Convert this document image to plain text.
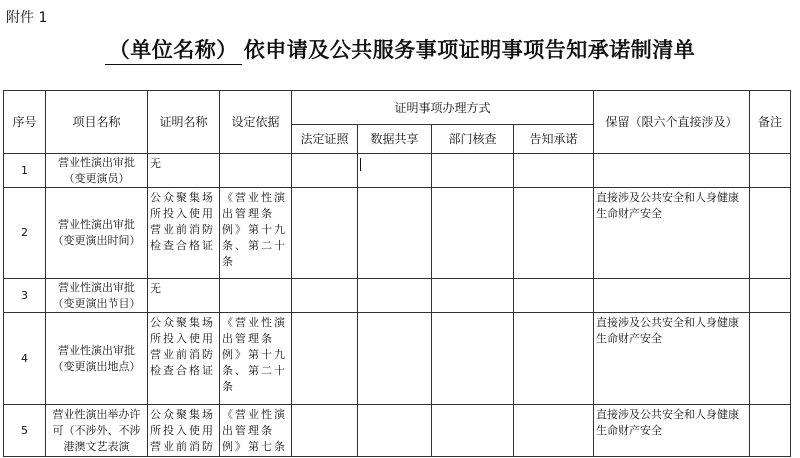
附件 1
（单位名称） 依申请及公共服务事项证明事项告知承诺制清单
序号	项目名称	证明名称	设定依据	证明事项办理方式				保留（限六个直接涉及）	备注
				法定证照	数据共享	部门核查	告知承诺		
1	营业性演出审批（变更演员）	无							
2	营业性演出审批（变更演出时间）	公众聚集场所投入使用营业前消防检查合格证	《营业性演出管理条例》第十九条、第二十条					直接涉及公共安全和人身健康生命财产安全	
3	营业性演出审批（变更演出节目）	无							
4	营业性演出审批（变更演出地点）	公众聚集场所投入使用营业前消防检查合格证	《营业性演出管理条例》第十九条、第二十条					直接涉及公共安全和人身健康生命财产安全	
5	营业性演出举办许可（不涉外、不涉港澳文艺表演	公众聚集场所投入使用营业前消防	《营业性演出管理条例》第七条					直接涉及公共安全和人身健康生命财产安全	
